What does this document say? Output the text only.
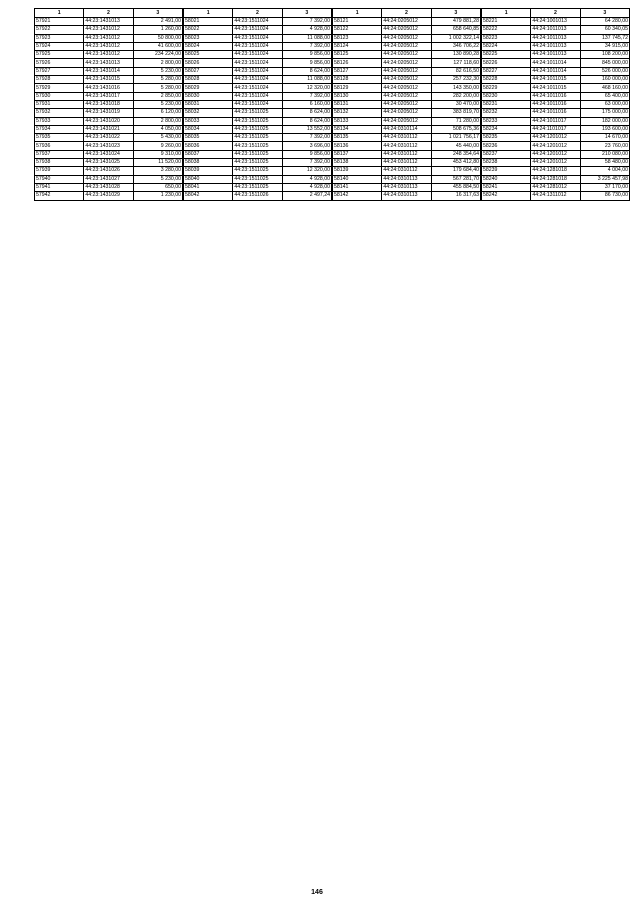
1	2	3
57921	44:23:1431013	2 491,00
57922	44:23:1431012	1 260,00
57923	44:23:1431012	50 800,00
57924	44:23:1431012	41 600,00
57925	44:23:1431012	234 224,00
57926	44:23:1431013	2 800,00
57927	44:23:1431014	5 230,00
57928	44:23:1431015	5 280,00
57929	44:23:1431016	5 280,00
57930	44:23:1431017	2 850,00
57931	44:23:1431018	5 230,00
57932	44:23:1431019	6 120,00
57933	44:23:1431020	2 800,00
57934	44:23:1431021	4 050,00
57935	44:23:1431022	5 430,00
57936	44:23:1431023	9 260,00
57937	44:23:1431024	9 310,00
57938	44:23:1431025	11 520,00
57939	44:23:1431026	3 280,00
57940	44:23:1431027	5 230,00
57941	44:23:1431028	650,00
57942	44:23:1431029	1 230,00
1	2	3
58021	44:23:1511024	7 392,00
58022	44:23:1511024	4 928,00
58023	44:23:1511024	11 088,00
58024	44:23:1511024	7 392,00
58025	44:23:1511024	9 856,00
58026	44:23:1511024	9 856,00
58027	44:23:1511024	8 624,00
58028	44:23:1511024	11 088,00
58029	44:23:1511024	12 320,00
58030	44:23:1511024	7 392,00
58031	44:23:1511024	6 160,00
58032	44:23:1511025	8 624,00
58033	44:23:1511025	8 624,00
58034	44:23:1511025	13 552,00
58035	44:23:1511025	7 392,00
58036	44:23:1511025	3 696,00
58037	44:23:1511025	9 856,00
58038	44:23:1511025	7 392,00
58039	44:23:1511025	12 320,00
58040	44:23:1511025	4 928,00
58041	44:23:1511025	4 928,00
58042	44:23:1511026	2 497,24
1	2	3
58121	44:24:0205012	479 881,28
58122	44:24:0205012	658 640,85
58123	44:24:0205012	1 002 322,14
58124	44:24:0205012	346 706,22
58125	44:24:0205012	130 890,28
58126	44:24:0205012	127 118,60
58127	44:24:0205012	82 616,50
58128	44:24:0205012	257 232,30
58129	44:24:0205012	143 350,00
58130	44:24:0205012	282 200,00
58131	44:24:0205012	30 470,00
58132	44:24:0205012	383 819,70
58133	44:24:0205012	71 280,00
58134	44:24:0310114	508 675,36
58135	44:24:0310112	1 021 756,17
58136	44:24:0310112	45 440,00
58137	44:24:0310112	248 354,64
58138	44:24:0310112	453 412,80
58139	44:24:0310112	179 684,40
58140	44:24:0310113	567 281,70
58141	44:24:0310113	455 884,50
58142	44:24:0310113	16 317,63
1	2	3
58221	44:24:1001013	64 280,00
58222	44:24:1011013	60 340,05
58223	44:24:1011013	137 745,72
58224	44:24:1011013	34 915,00
58225	44:24:1011013	108 200,00
58226	44:24:1011014	845 000,00
58227	44:24:1011014	526 000,00
58228	44:24:1011015	160 000,00
58229	44:24:1011015	468 160,00
58230	44:24:1011016	65 400,00
58231	44:24:1011016	63 000,00
58232	44:24:1011016	175 000,00
58233	44:24:1011017	182 000,00
58234	44:24:1101017	193 600,00
58235	44:24:1201012	14 670,00
58236	44:24:1201012	23 760,00
58237	44:24:1201012	210 080,00
58238	44:24:1201012	58 480,00
58239	44:24:1281018	4 004,00
58240	44:24:1281018	3 225 457,98
58241	44:24:1281012	37 170,00
58242	44:24:1311012	86 730,00
146
